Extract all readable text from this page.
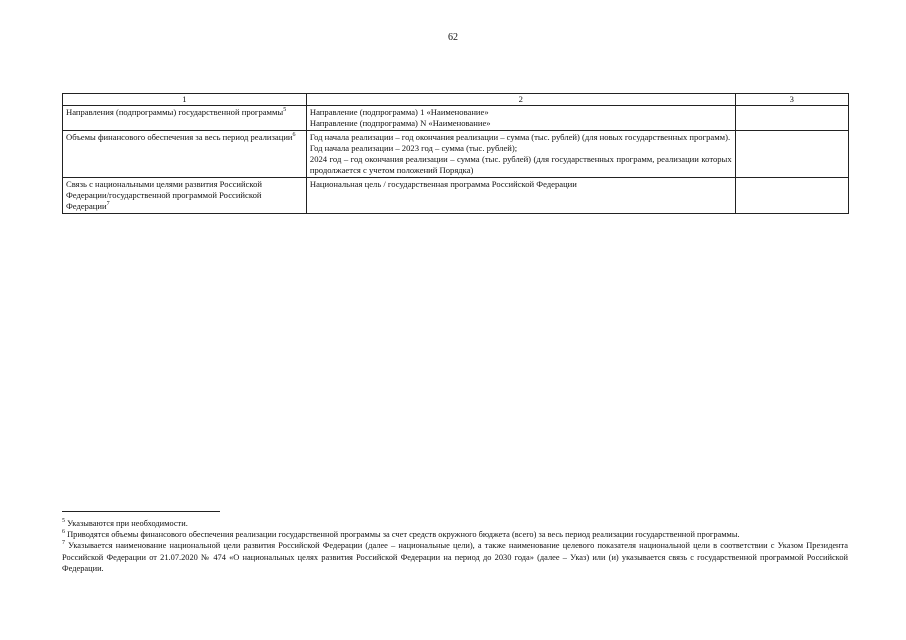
62
1	2	3
Направления (подпрограммы) государственной программы$^5$	Направление (подпрограмма) 1 «Наименование»
Направление (подпрограмма) N «Наименование»	

Объемы финансового обеспечения за весь период реализации$^6$	Год начала реализации – год окончания реализации – сумма (тыс. рублей) (для новых государственных программ).
Год начала реализации – 2023 год – сумма (тыс. рублей);
2024 год – год окончания реализации – сумма (тыс. рублей) (для государственных программ, реализации которых продолжается с учетом положений Порядка)	

Связь с национальными целями развития Российской Федерации/государственной программой Российской Федерации$^7$	Национальная цель / государственная программа Российской Федерации	

$^5$ Указываются при необходимости.

$^6$ Приводятся объемы финансового обеспечения реализации государственной программы за счет средств окружного бюджета (всего) за весь период реализации государственной программы.

$^7$ Указывается наименование национальной цели развития Российской Федерации (далее – национальные цели), а также наименование целевого показателя национальной цели в соответствии с Указом Президента Российской Федерации от 21.07.2020 № 474 «О национальных целях развития Российской Федерации на период до 2030 года» (далее – Указ) или (и) указывается связь с государственной программой Российской Федерации.
